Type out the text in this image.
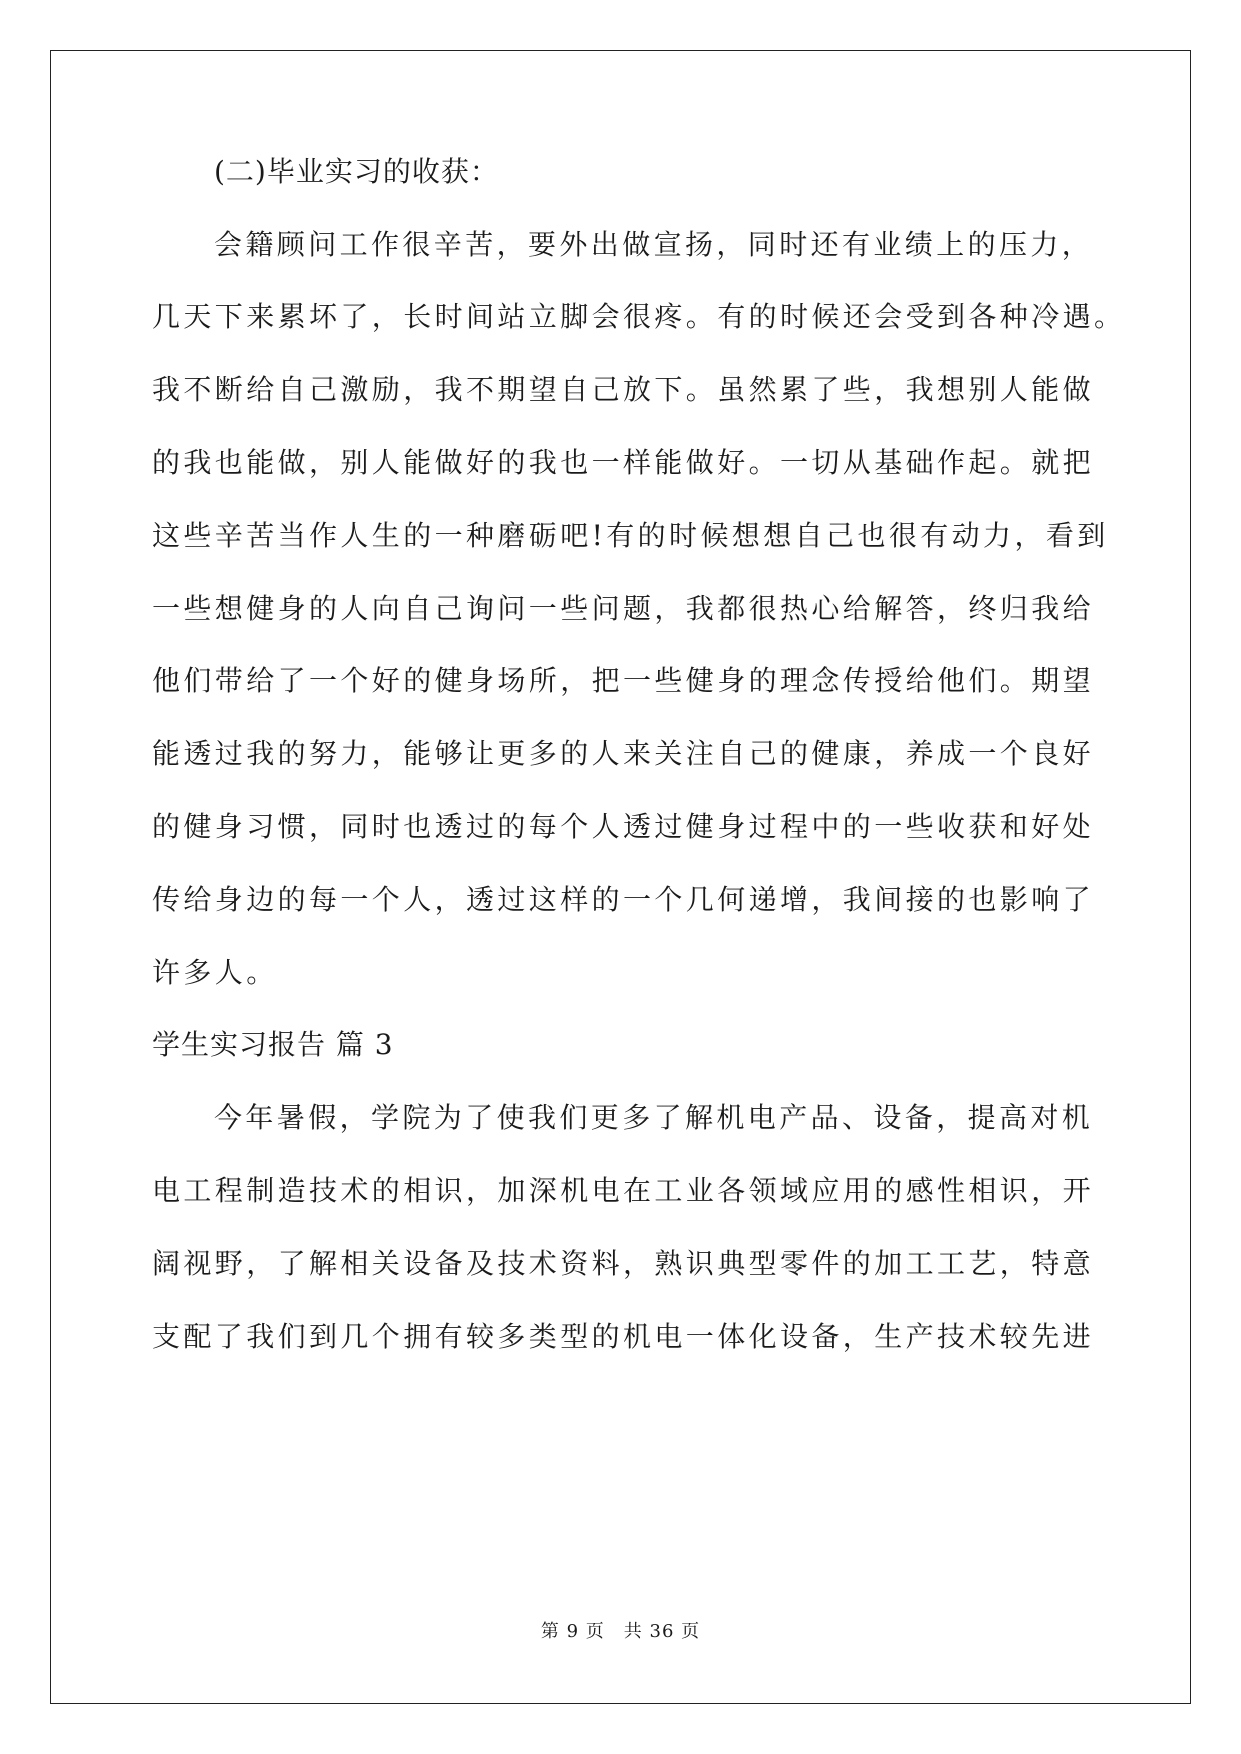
(二)毕业实习的收获：
会籍顾问工作很辛苦，要外出做宣扬，同时还有业绩上的压力，
几天下来累坏了，长时间站立脚会很疼。有的时候还会受到各种冷遇。
我不断给自己激励，我不期望自己放下。虽然累了些，我想别人能做
的我也能做，别人能做好的我也一样能做好。一切从基础作起。就把
这些辛苦当作人生的一种磨砺吧!有的时候想想自己也很有动力，看到
一些想健身的人向自己询问一些问题，我都很热心给解答，终归我给
他们带给了一个好的健身场所，把一些健身的理念传授给他们。期望
能透过我的努力，能够让更多的人来关注自己的健康，养成一个良好
的健身习惯，同时也透过的每个人透过健身过程中的一些收获和好处
传给身边的每一个人，透过这样的一个几何递增，我间接的也影响了
许多人。
学生实习报告 篇 3
今年暑假，学院为了使我们更多了解机电产品、设备，提高对机
电工程制造技术的相识，加深机电在工业各领域应用的感性相识，开
阔视野，了解相关设备及技术资料，熟识典型零件的加工工艺，特意
支配了我们到几个拥有较多类型的机电一体化设备，生产技术较先进
第 9 页　共 36 页
